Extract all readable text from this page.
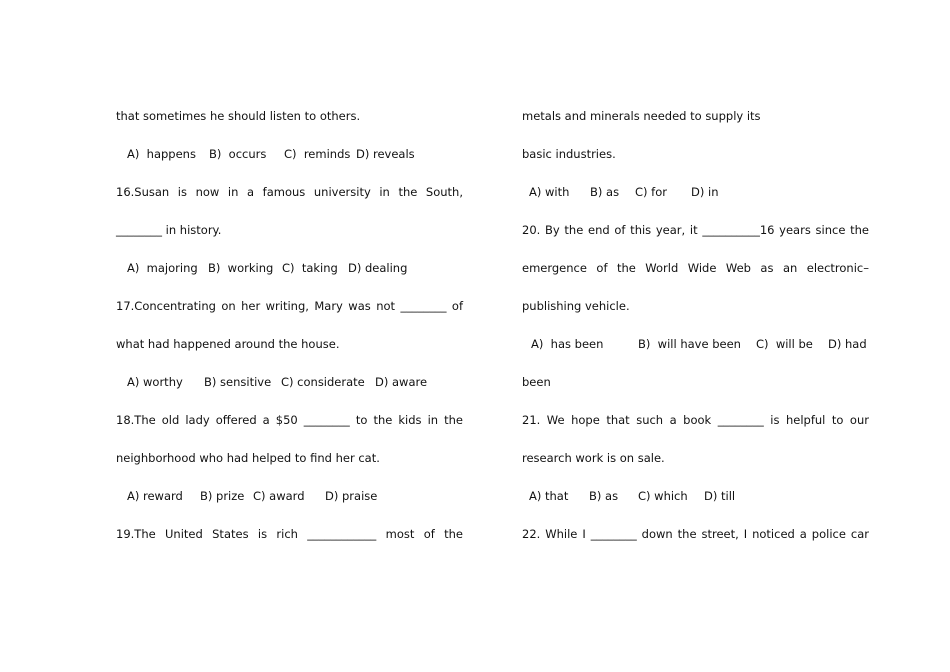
that sometimes he should listen to others.
A)  happens	B)  occurs	C)  reminds D) reveals
16.Susan is now in a famous university in the South,
________ in history.
A)  majoring B)  working C)  taking D) dealing
17.Concentrating on her writing, Mary was not ________ of
what had happened around the house.
A) worthy	B) sensitive C) considerate D) aware
18.The old lady offered a $50 ________ to the kids in the
neighborhood who had helped to find her cat.
A) reward	B) prize C) award	D) praise
19.The United States is rich ____________ most of the
metals and minerals needed to supply its
basic industries.
A) with	B) as	C) for	D) in
20. By the end of this year, it __________16 years since the
emergence of the World Wide Web as an electronic–
publishing vehicle.
A)  has been	B)  will have been	C)  will be	D) had
been
21. We hope that such a book ________ is helpful to our
research work is on sale.
A) that	B) as	C) which	D) till
22. While I ________ down the street, I noticed a police car
